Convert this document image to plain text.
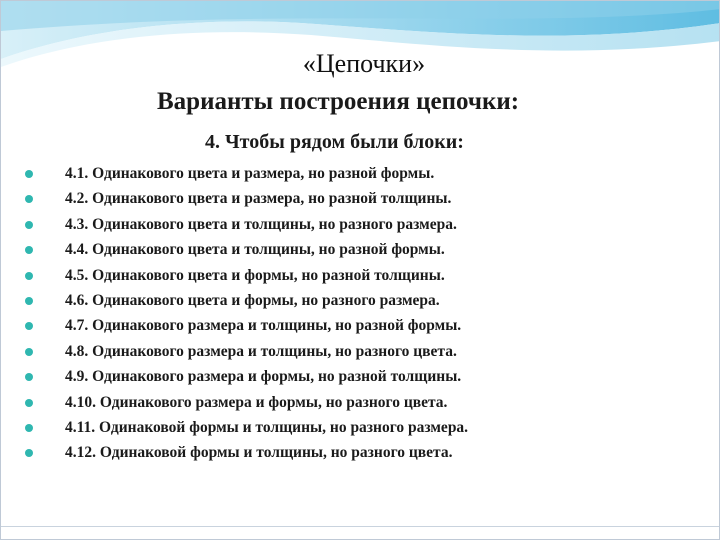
«Цепочки»
Варианты построения цепочки:
4. Чтобы рядом были блоки:
4.1. Одинакового цвета и размера, но разной формы.
4.2. Одинакового цвета и размера, но разной толщины.
4.3. Одинакового цвета и толщины, но разного размера.
4.4. Одинакового цвета и толщины, но разной формы.
4.5. Одинакового цвета и формы, но разной толщины.
4.6. Одинакового цвета и формы, но разного размера.
4.7. Одинакового размера и толщины, но разной формы.
4.8. Одинакового размера и толщины, но разного цвета.
4.9. Одинакового размера и формы, но разной толщины.
4.10. Одинакового размера и формы, но разного цвета.
4.11. Одинаковой формы и толщины, но разного размера.
4.12. Одинаковой формы и толщины, но разного цвета.
